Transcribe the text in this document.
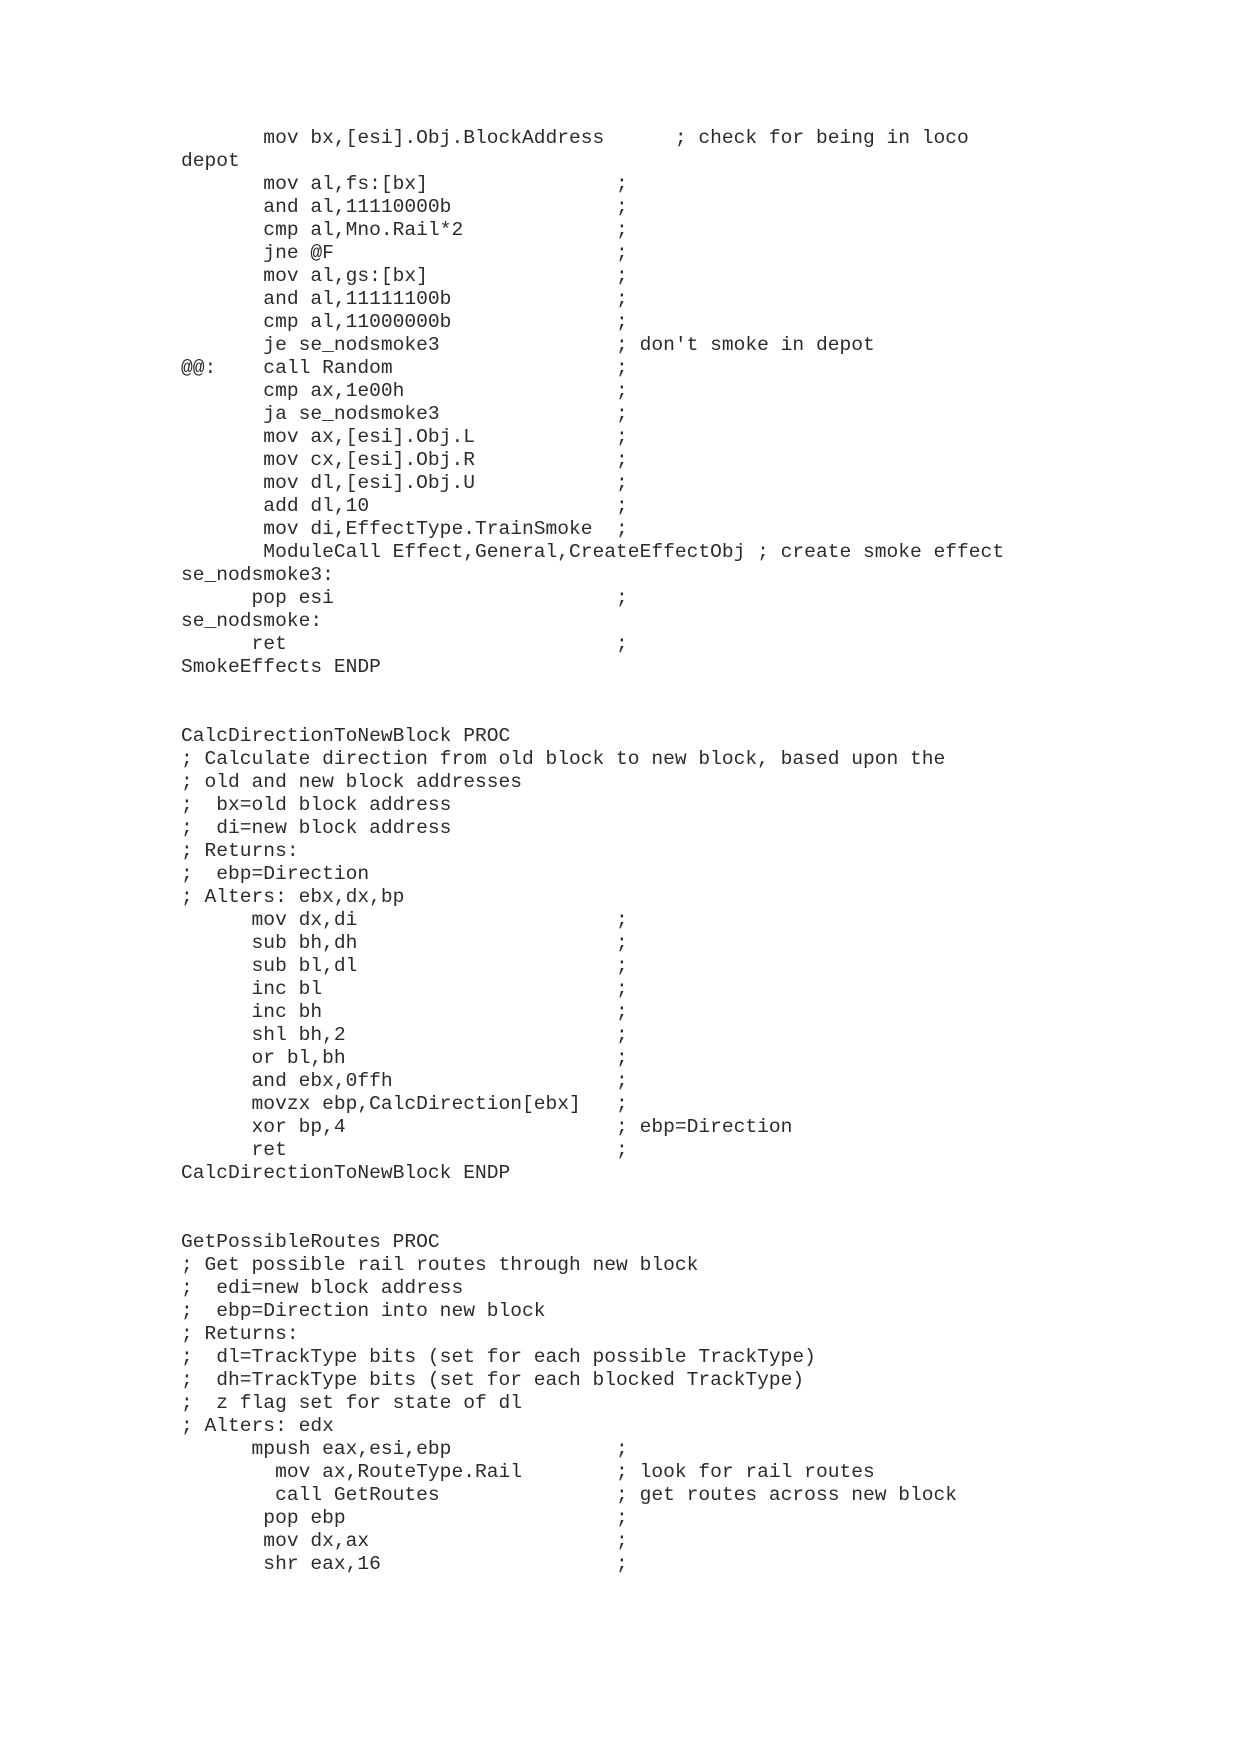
mov bx,[esi].Obj.BlockAddress      ; check for being in loco
depot
mov al,fs:[bx]                ;
and al,11110000b              ;
cmp al,Mno.Rail*2             ;
jne @F                        ;
mov al,gs:[bx]                ;
and al,11111100b              ;
cmp al,11000000b              ;
je se_nodsmoke3               ; don't smoke in depot
@@:    call Random                   ;
cmp ax,1e00h                  ;
ja se_nodsmoke3               ;
mov ax,[esi].Obj.L            ;
mov cx,[esi].Obj.R            ;
mov dl,[esi].Obj.U            ;
add dl,10                     ;
mov di,EffectType.TrainSmoke  ;
ModuleCall Effect,General,CreateEffectObj ; create smoke effect
se_nodsmoke3:
pop esi                        ;
se_nodsmoke:
ret                            ;
SmokeEffects ENDP
CalcDirectionToNewBlock PROC
; Calculate direction from old block to new block, based upon the
; old and new block addresses
;  bx=old block address
;  di=new block address
; Returns:
;  ebp=Direction
; Alters: ebx,dx,bp
mov dx,di                      ;
sub bh,dh                      ;
sub bl,dl                      ;
inc bl                         ;
inc bh                         ;
shl bh,2                       ;
or bl,bh                       ;
and ebx,0ffh                   ;
movzx ebp,CalcDirection[ebx]   ;
xor bp,4                       ; ebp=Direction
ret                            ;
CalcDirectionToNewBlock ENDP
GetPossibleRoutes PROC
; Get possible rail routes through new block
;  edi=new block address
;  ebp=Direction into new block
; Returns:
;  dl=TrackType bits (set for each possible TrackType)
;  dh=TrackType bits (set for each blocked TrackType)
;  z flag set for state of dl
; Alters: edx
mpush eax,esi,ebp              ;
mov ax,RouteType.Rail        ; look for rail routes
call GetRoutes               ; get routes across new block
pop ebp                       ;
mov dx,ax                     ;
shr eax,16                    ;
